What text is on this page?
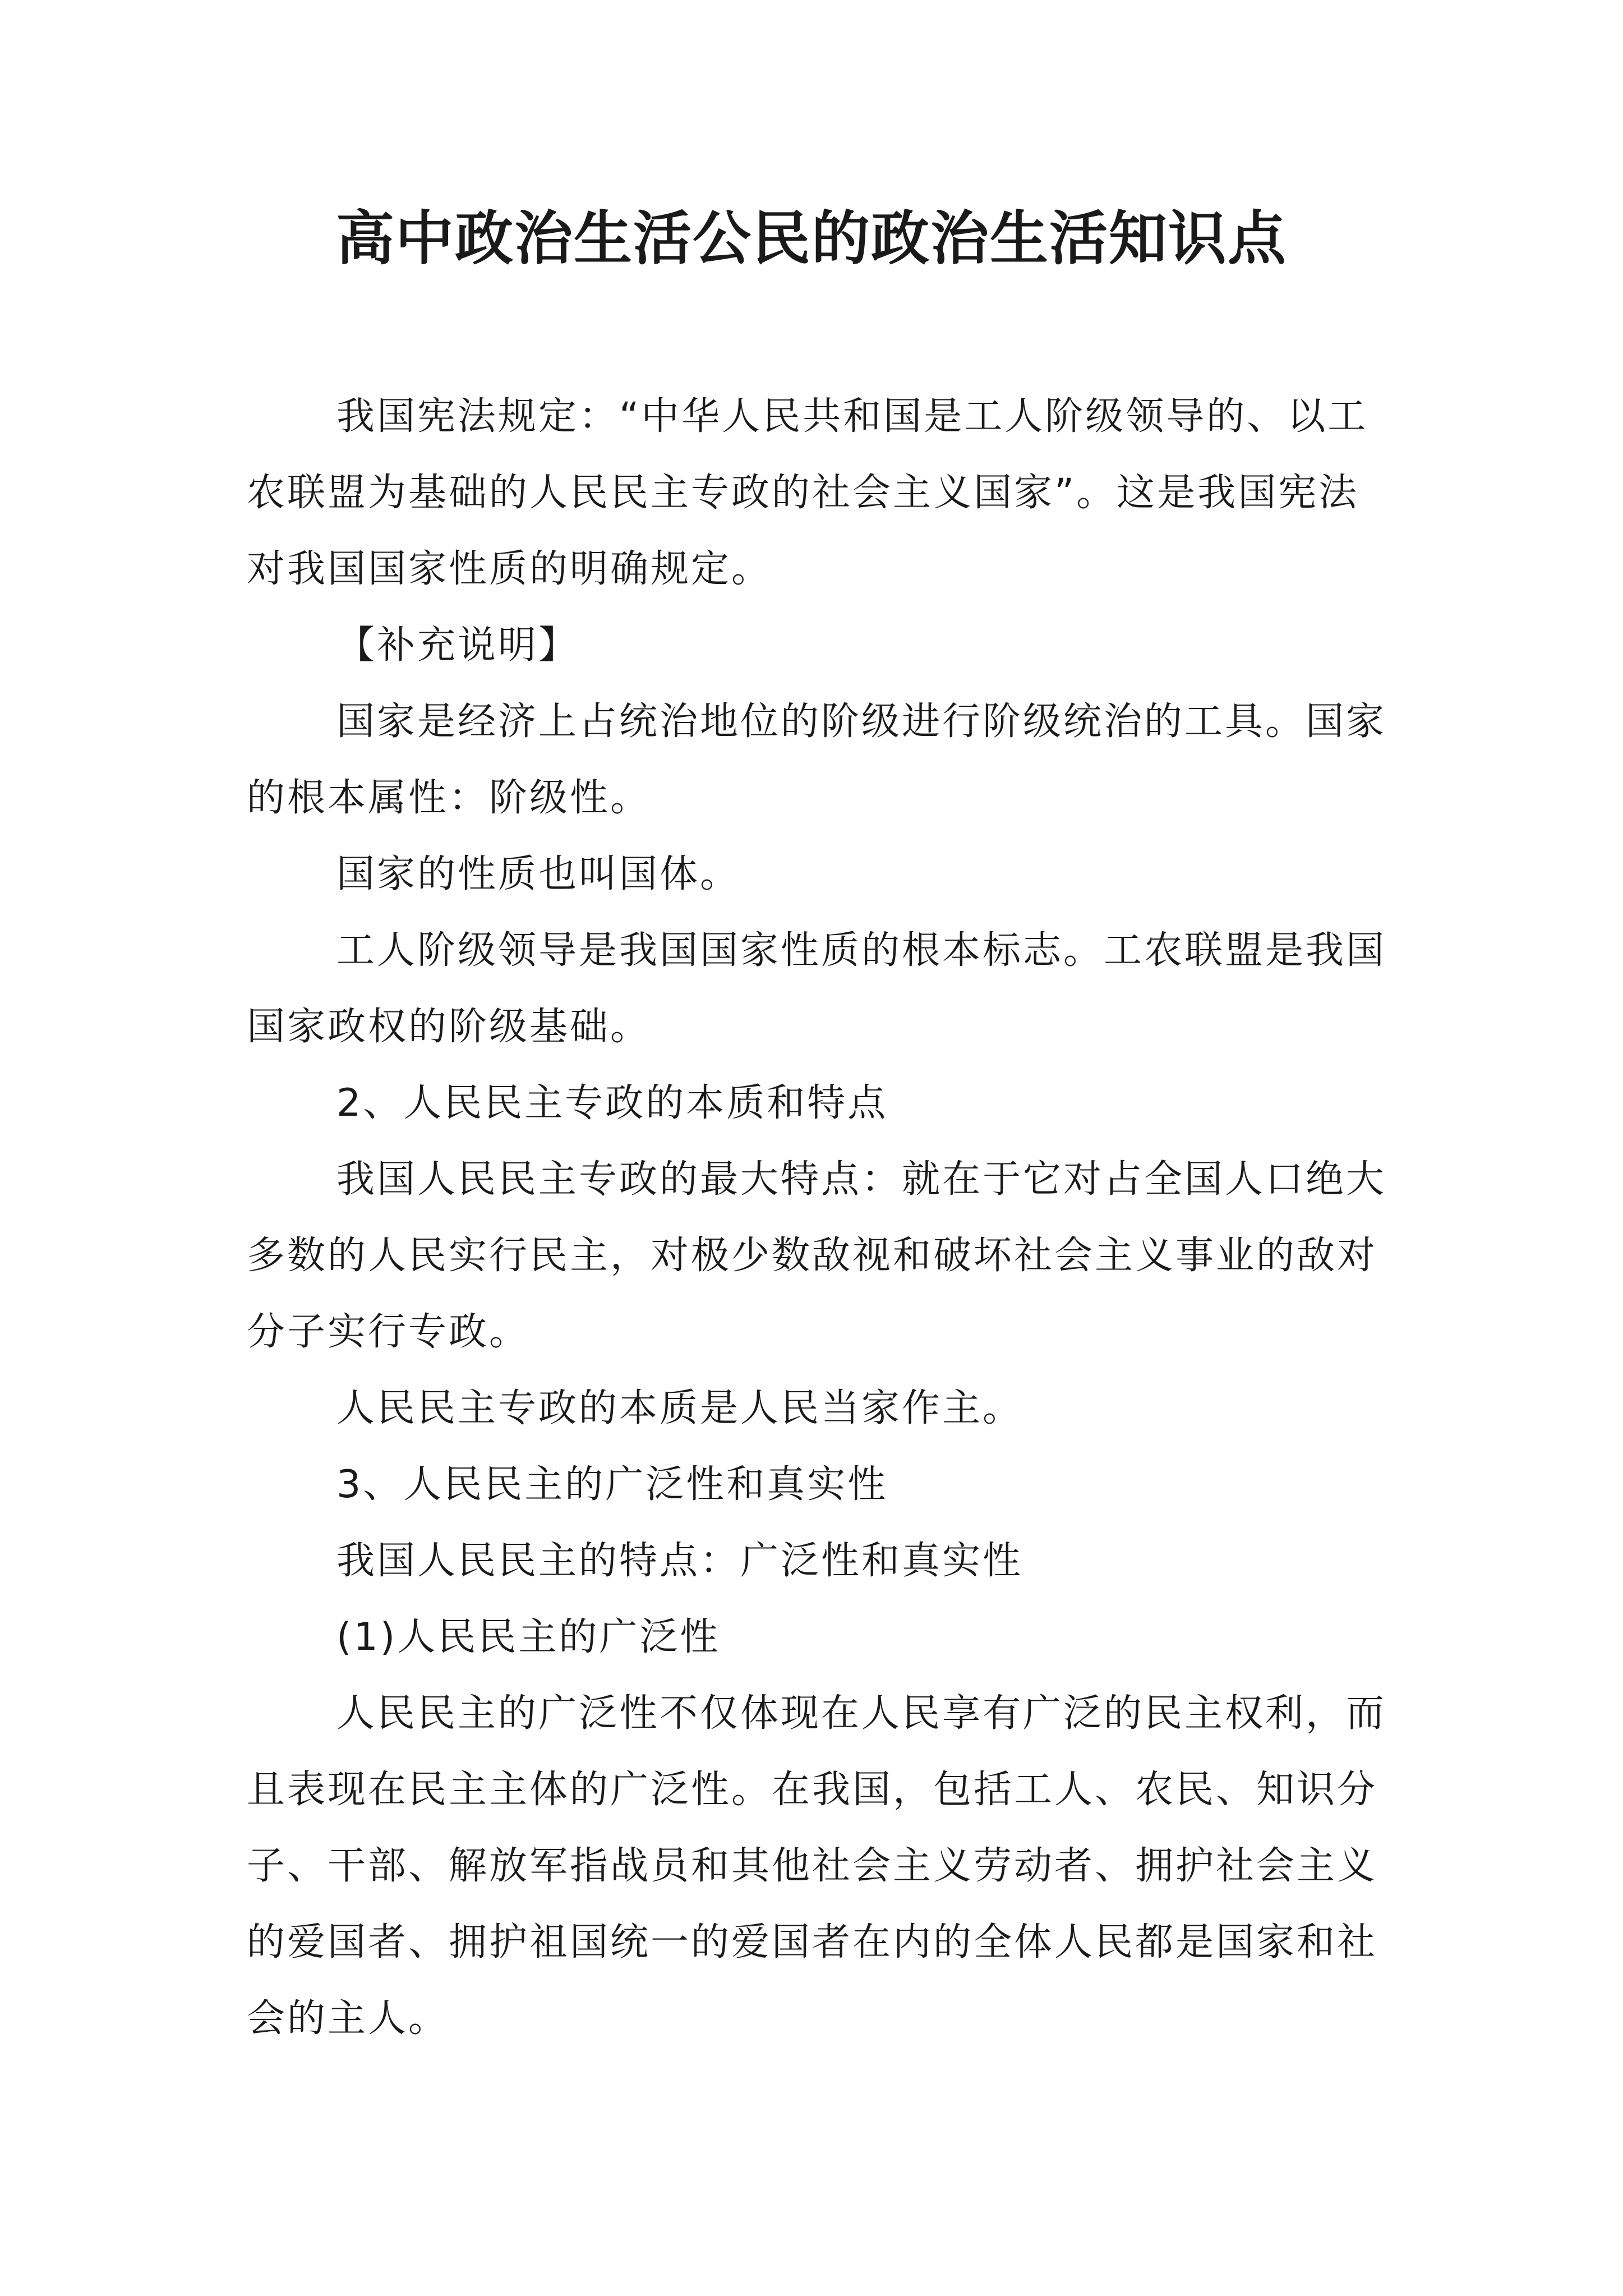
高中政治生活公民的政治生活知识点

我国宪法规定：“中华人民共和国是工人阶级领导的、以工农联盟为基础的人民民主专政的社会主义国家”。这是我国宪法对我国国家性质的明确规定。

【补充说明】

国家是经济上占统治地位的阶级进行阶级统治的工具。国家的根本属性：阶级性。

国家的性质也叫国体。

工人阶级领导是我国国家性质的根本标志。工农联盟是我国国家政权的阶级基础。

2、人民民主专政的本质和特点

我国人民民主专政的最大特点：就在于它对占全国人口绝大多数的人民实行民主，对极少数敌视和破坏社会主义事业的敌对分子实行专政。

人民民主专政的本质是人民当家作主。

3、人民民主的广泛性和真实性

我国人民民主的特点：广泛性和真实性

(1)人民民主的广泛性

人民民主的广泛性不仅体现在人民享有广泛的民主权利，而且表现在民主主体的广泛性。在我国，包括工人、农民、知识分子、干部、解放军指战员和其他社会主义劳动者、拥护社会主义的爱国者、拥护祖国统一的爱国者在内的全体人民都是国家和社会的主人。
